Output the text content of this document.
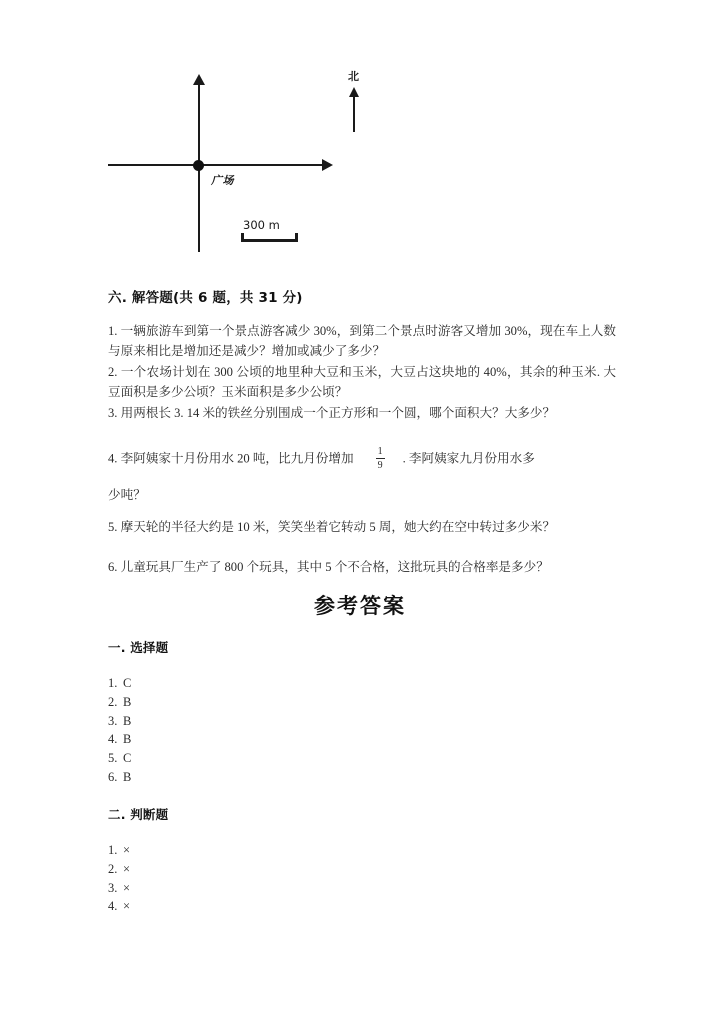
广场
北
300 m
六. 解答题(共 6 题，共 31 分)
1. 一辆旅游车到第一个景点游客减少 30%，到第二个景点时游客又增加 30%，现在车上人数与原来相比是增加还是减少？增加或减少了多少？
2. 一个农场计划在 300 公顷的地里种大豆和玉米，大豆占这块地的 40%，其余的种玉米. 大豆面积是多少公顷？玉米面积是多少公顷？
3. 用两根长 3. 14 米的铁丝分别围成一个正方形和一个圆，哪个面积大？大多少？
4. 李阿姨家十月份用水 20 吨，比九月份增加 $\frac{1}{9}$ . 李阿姨家九月份用水多
少吨？
5. 摩天轮的半径大约是 10 米，笑笑坐着它转动 5 周，她大约在空中转过多少米？
6. 儿童玩具厂生产了 800 个玩具，其中 5 个不合格，这批玩具的合格率是多少？
参考答案
一. 选择题
1. C
2. B
3. B
4. B
5. C
6. B
二. 判断题
1. ×
2. ×
3. ×
4. ×
